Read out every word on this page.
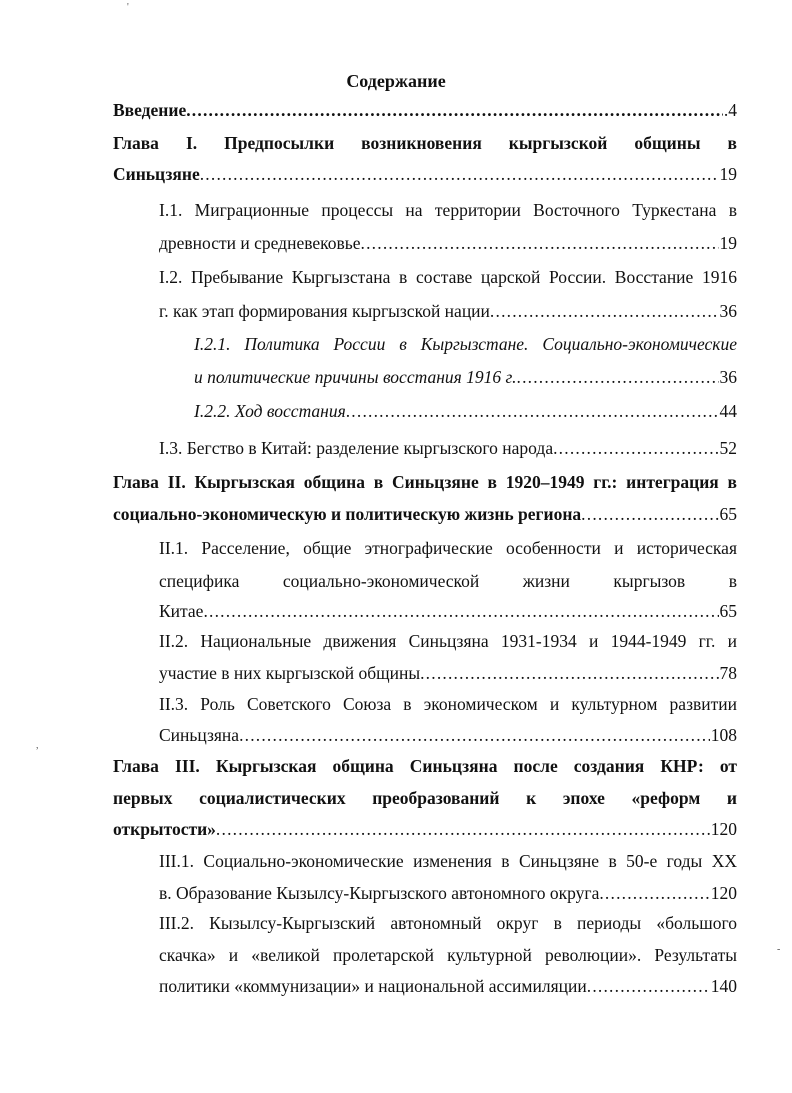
'
Содержание
Введение .....	.4
Глава I. Предпосылки возникновения кыргызской общины в
Синьцзяне .....	19
I.1. Миграционные процессы на территории Восточного Туркестана в
древности и средневековье .....	19
I.2. Пребывание Кыргызстана в составе царской России. Восстание 1916
г. как этап формирования кыргызской нации .....	36
I.2.1. Политика России в Кыргызстане. Социально-экономические
и политические причины восстания 1916 г. .....	36
I.2.2. Ход восстания .....	44
I.3. Бегство в Китай: разделение кыргызского народа .....	52
Глава II. Кыргызская община в Синьцзяне в 1920–1949 гг.: интеграция в
социально-экономическую и политическую жизнь региона .....	65
II.1. Расселение, общие этнографические особенности и историческая
специфика социально-экономической жизни кыргызов в
Китае .....	65
II.2. Национальные движения Синьцзяна 1931-1934 и 1944-1949 гг. и
участие в них кыргызской общины .....	78
II.3. Роль Советского Союза в экономическом и культурном развитии
Синьцзяна .....	108
,
Глава III. Кыргызская община Синьцзяна после создания КНР: от
первых социалистических преобразований к эпохе «реформ и
открытости» .....	120
III.1. Социально-экономические изменения в Синьцзяне в 50-е годы XX
в. Образование Кызылсу-Кыргызского автономного округа .....	120
III.2. Кызылсу-Кыргызский автономный округ в периоды «большого
скачка» и «великой пролетарской культурной революции». Результаты
политики «коммунизации» и национальной ассимиляции .....	140
-
